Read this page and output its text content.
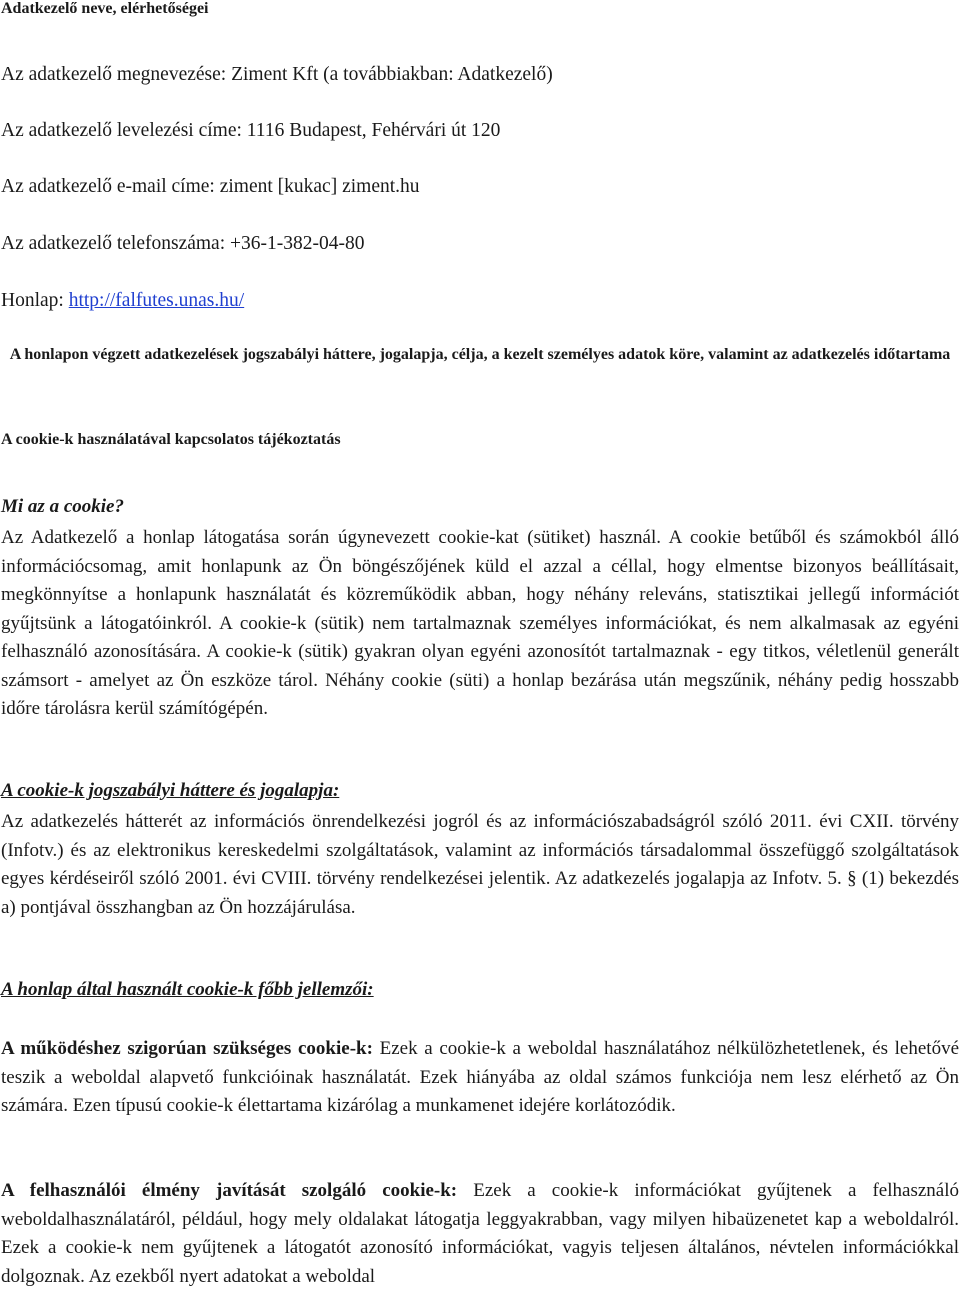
Adatkezelő neve, elérhetőségei

Az adatkezelő megnevezése: Ziment Kft (a továbbiakban: Adatkezelő)

Az adatkezelő levelezési címe: 1116 Budapest, Fehérvári út 120

Az adatkezelő e-mail címe: ziment [kukac] ziment.hu

Az adatkezelő telefonszáma: +36-1-382-04-80

Honlap: http://falfutes.unas.hu/

A honlapon végzett adatkezelések jogszabályi háttere, jogalapja, célja, a kezelt személyes adatok köre, valamint az adatkezelés időtartama

A cookie-k használatával kapcsolatos tájékoztatás

Mi az a cookie?

Az Adatkezelő a honlap látogatása során úgynevezett cookie-kat (sütiket) használ. A cookie betűből és számokból álló információcsomag, amit honlapunk az Ön böngészőjének küld el azzal a céllal, hogy elmentse bizonyos beállításait, megkönnyítse a honlapunk használatát és közreműködik abban, hogy néhány releváns, statisztikai jellegű információt gyűjtsünk a látogatóinkról. A cookie-k (sütik) nem tartalmaznak személyes információkat, és nem alkalmasak az egyéni felhasználó azonosítására. A cookie-k (sütik) gyakran olyan egyéni azonosítót tartalmaznak - egy titkos, véletlenül generált számsort - amelyet az Ön eszköze tárol. Néhány cookie (süti) a honlap bezárása után megszűnik, néhány pedig hosszabb időre tárolásra kerül számítógépén.

A cookie-k jogszabályi háttere és jogalapja:

Az adatkezelés hátterét az információs önrendelkezési jogról és az információszabadságról szóló 2011. évi CXII. törvény (Infotv.) és az elektronikus kereskedelmi szolgáltatások, valamint az információs társadalommal összefüggő szolgáltatások egyes kérdéseiről szóló 2001. évi CVIII. törvény rendelkezései jelentik. Az adatkezelés jogalapja az Infotv. 5. § (1) bekezdés a) pontjával összhangban az Ön hozzájárulása.

A honlap által használt cookie-k főbb jellemzői:

A működéshez szigorúan szükséges cookie-k: Ezek a cookie-k a weboldal használatához nélkülözhetetlenek, és lehetővé teszik a weboldal alapvető funkcióinak használatát. Ezek hiányába az oldal számos funkciója nem lesz elérhető az Ön számára. Ezen típusú cookie-k élettartama kizárólag a munkamenet idejére korlátozódik.

A felhasználói élmény javítását szolgáló cookie-k: Ezek a cookie-k információkat gyűjtenek a felhasználó weboldalhasználatáról, például, hogy mely oldalakat látogatja leggyakrabban, vagy milyen hibaüzenetet kap a weboldalról. Ezek a cookie-k nem gyűjtenek a látogatót azonosító információkat, vagyis teljesen általános, névtelen információkkal dolgoznak. Az ezekből nyert adatokat a weboldal
